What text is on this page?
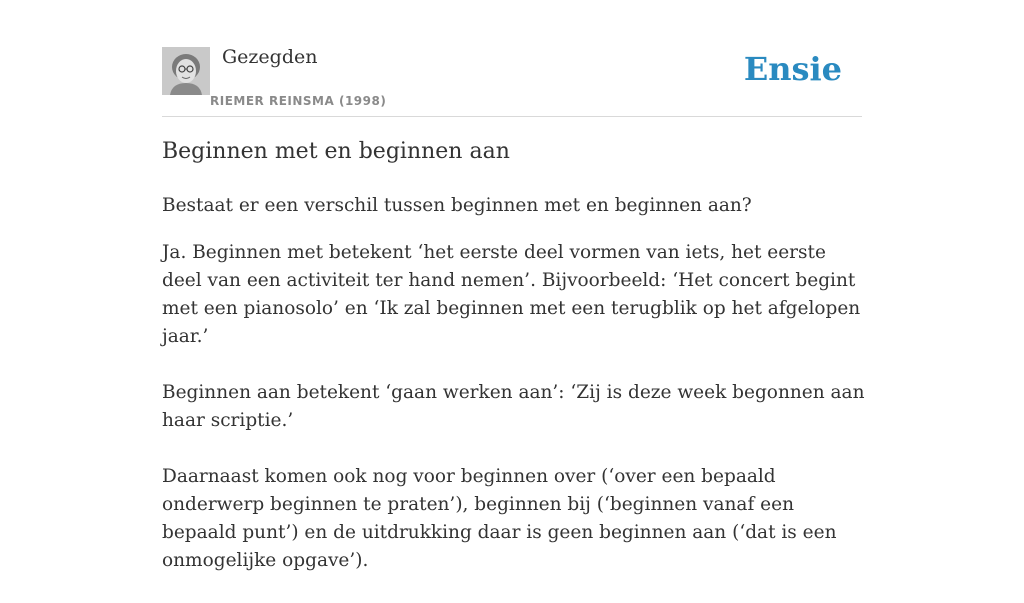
Gezegden
RIEMER REINSMA (1998)
Ensie
Beginnen met en beginnen aan

Bestaat er een verschil tussen beginnen met en beginnen aan?

Ja. Beginnen met betekent ‘het eerste deel vormen van iets, het eerste deel van een activiteit ter hand nemen’. Bijvoorbeeld: ‘Het concert begint met een pianosolo’ en ‘Ik zal beginnen met een terugblik op het afgelopen jaar.’

Beginnen aan betekent ‘gaan werken aan’: ‘Zij is deze week begonnen aan haar scriptie.’

Daarnaast komen ook nog voor beginnen over (‘over een bepaald onderwerp beginnen te praten’), beginnen bij (‘beginnen vanaf een bepaald punt’) en de uitdrukking daar is geen beginnen aan (‘dat is een onmogelijke opgave’).
